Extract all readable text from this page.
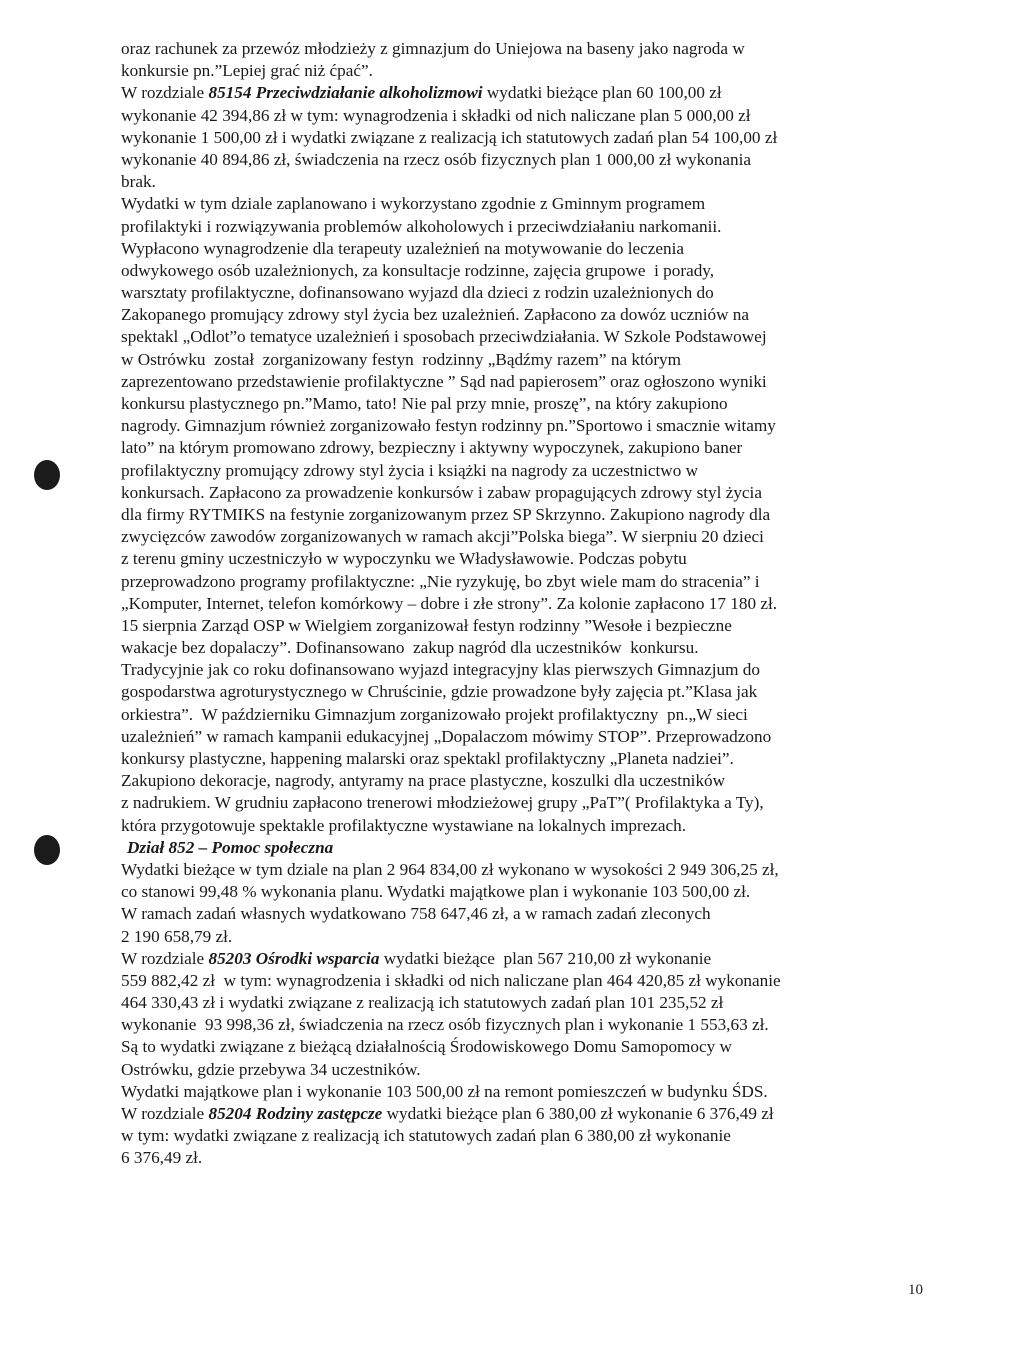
oraz rachunek za przewóz młodzieży z gimnazjum do Uniejowa na baseny jako nagroda w
konkursie pn.”Lepiej grać niż ćpać”.
W rozdziale 85154 Przeciwdziałanie alkoholizmowi wydatki bieżące plan 60 100,00 zł
wykonanie 42 394,86 zł w tym: wynagrodzenia i składki od nich naliczane plan 5 000,00 zł
wykonanie 1 500,00 zł i wydatki związane z realizacją ich statutowych zadań plan 54 100,00 zł
wykonanie 40 894,86 zł, świadczenia na rzecz osób fizycznych plan 1 000,00 zł wykonania
brak.
Wydatki w tym dziale zaplanowano i wykorzystano zgodnie z Gminnym programem
profilaktyki i rozwiązywania problemów alkoholowych i przeciwdziałaniu narkomanii.
Wypłacono wynagrodzenie dla terapeuty uzależnień na motywowanie do leczenia
odwykowego osób uzależnionych, za konsultacje rodzinne, zajęcia grupowe  i porady,
warsztaty profilaktyczne, dofinansowano wyjazd dla dzieci z rodzin uzależnionych do
Zakopanego promujący zdrowy styl życia bez uzależnień. Zapłacono za dowóz uczniów na
spektakl „Odlot”o tematyce uzależnień i sposobach przeciwdziałania. W Szkole Podstawowej
w Ostrówku  został  zorganizowany festyn  rodzinny „Bądźmy razem” na którym
zaprezentowano przedstawienie profilaktyczne ” Sąd nad papierosem” oraz ogłoszono wyniki
konkursu plastycznego pn.”Mamo, tato! Nie pal przy mnie, proszę”, na który zakupiono
nagrody. Gimnazjum również zorganizowało festyn rodzinny pn.”Sportowo i smacznie witamy
lato” na którym promowano zdrowy, bezpieczny i aktywny wypoczynek, zakupiono baner
profilaktyczny promujący zdrowy styl życia i książki na nagrody za uczestnictwo w
konkursach. Zapłacono za prowadzenie konkursów i zabaw propagujących zdrowy styl życia
dla firmy RYTMIKS na festynie zorganizowanym przez SP Skrzynno. Zakupiono nagrody dla
zwycięzców zawodów zorganizowanych w ramach akcji”Polska biega”. W sierpniu 20 dzieci
z terenu gminy uczestniczyło w wypoczynku we Władysławowie. Podczas pobytu
przeprowadzono programy profilaktyczne: „Nie ryzykuję, bo zbyt wiele mam do stracenia” i
„Komputer, Internet, telefon komórkowy – dobre i złe strony”. Za kolonie zapłacono 17 180 zł.
15 sierpnia Zarząd OSP w Wielgiem zorganizował festyn rodzinny ”Wesołe i bezpieczne
wakacje bez dopalaczy”. Dofinansowano  zakup nagród dla uczestników  konkursu.
Tradycyjnie jak co roku dofinansowano wyjazd integracyjny klas pierwszych Gimnazjum do
gospodarstwa agroturystycznego w Chruścinie, gdzie prowadzone były zajęcia pt.”Klasa jak
orkiestra”.  W październiku Gimnazjum zorganizowało projekt profilaktyczny  pn.„W sieci
uzależnień” w ramach kampanii edukacyjnej „Dopalaczom mówimy STOP”. Przeprowadzono
konkursy plastyczne, happening malarski oraz spektakl profilaktyczny „Planeta nadziei”.
Zakupiono dekoracje, nagrody, antyramy na prace plastyczne, koszulki dla uczestników
z nadrukiem. W grudniu zapłacono trenerowi młodzieżowej grupy „PaT”( Profilaktyka a Ty),
która przygotowuje spektakle profilaktyczne wystawiane na lokalnych imprezach.
Dział 852 – Pomoc społeczna
Wydatki bieżące w tym dziale na plan 2 964 834,00 zł wykonano w wysokości 2 949 306,25 zł,
co stanowi 99,48 % wykonania planu. Wydatki majątkowe plan i wykonanie 103 500,00 zł.
W ramach zadań własnych wydatkowano 758 647,46 zł, a w ramach zadań zleconych
2 190 658,79 zł.
W rozdziale 85203 Ośrodki wsparcia wydatki bieżące  plan 567 210,00 zł wykonanie
559 882,42 zł  w tym: wynagrodzenia i składki od nich naliczane plan 464 420,85 zł wykonanie
464 330,43 zł i wydatki związane z realizacją ich statutowych zadań plan 101 235,52 zł
wykonanie  93 998,36 zł, świadczenia na rzecz osób fizycznych plan i wykonanie 1 553,63 zł.
Są to wydatki związane z bieżącą działalnością Środowiskowego Domu Samopomocy w
Ostrówku, gdzie przebywa 34 uczestników.
Wydatki majątkowe plan i wykonanie 103 500,00 zł na remont pomieszczeń w budynku ŚDS.
W rozdziale 85204 Rodziny zastępcze wydatki bieżące plan 6 380,00 zł wykonanie 6 376,49 zł
w tym: wydatki związane z realizacją ich statutowych zadań plan 6 380,00 zł wykonanie
6 376,49 zł.
10
